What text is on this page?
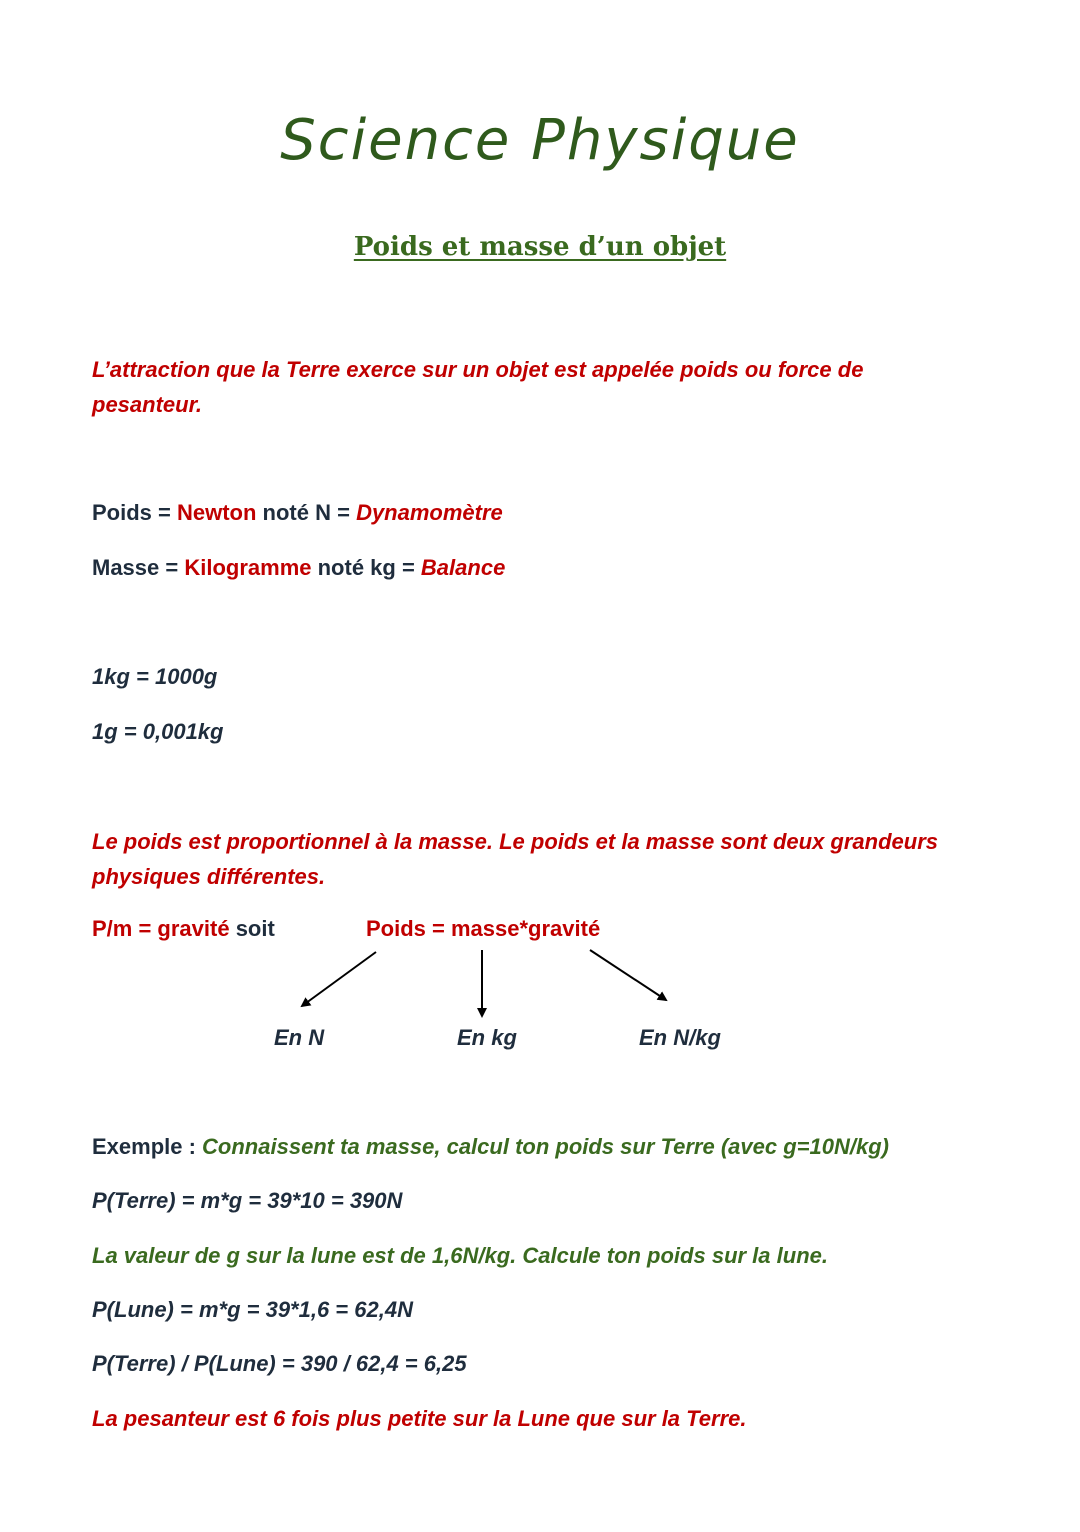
Science Physique
Poids et masse d’un objet
L’attraction que la Terre exerce sur un objet est appelée poids ou force de pesanteur.
Poids = Newton noté N = Dynamomètre
Masse = Kilogramme noté kg = Balance
1kg = 1000g
1g = 0,001kg
Le poids est proportionnel à la masse. Le poids et la masse sont deux grandeurs physiques différentes.
P/m = gravité soit	Poids = masse*gravité
En N	En kg	En N/kg
Exemple : Connaissent ta masse, calcul ton poids sur Terre (avec g=10N/kg)
P(Terre) = m*g = 39*10 = 390N
La valeur de g sur la lune est de 1,6N/kg. Calcule ton poids sur la lune.
P(Lune) = m*g = 39*1,6 = 62,4N
P(Terre) / P(Lune) = 390 / 62,4 = 6,25
La pesanteur est 6 fois plus petite sur la Lune que sur la Terre.
